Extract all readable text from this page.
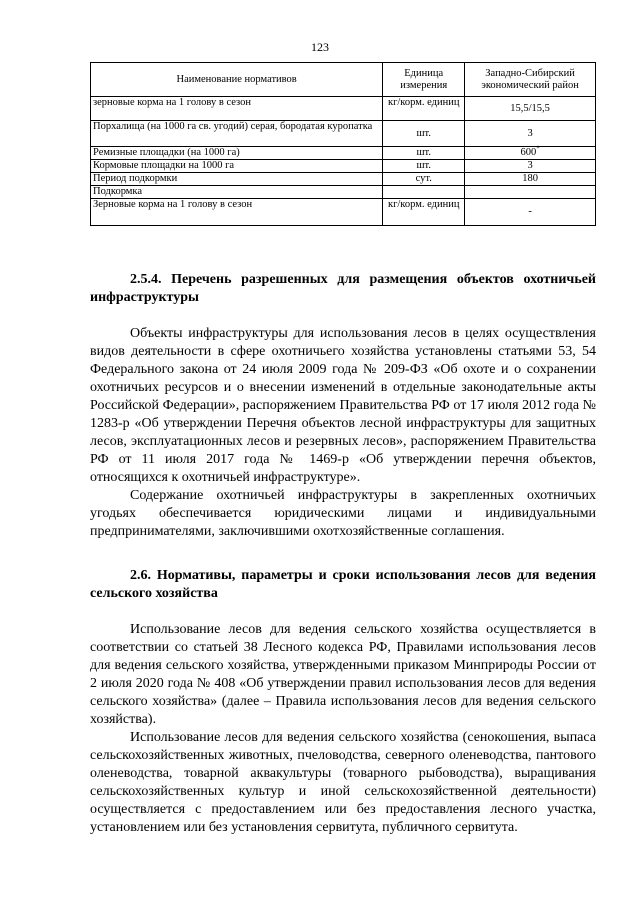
123
Наименование нормативов	Единица измерения	Западно-Сибирский экономический район
зерновые корма на 1 голову в сезон	кг/корм. единиц	15,5/15,5
Порхалища (на 1000 га св. угодий) серая, бородатая куропатка	шт.	3
Ремизные площадки (на 1000 га)	шт.	600*
Кормовые площадки на 1000 га	шт.	3
Период подкормки	сут.	180
Подкормка		
Зерновые корма на 1 голову в сезон	кг/корм. единиц	-

2.5.4. Перечень разрешенных для размещения объектов охотничьей инфраструктуры

Объекты инфраструктуры для использования лесов в целях осуществления видов деятельности в сфере охотничьего хозяйства установлены статьями 53, 54 Федерального закона от 24 июля 2009 года № 209-ФЗ «Об охоте и о сохранении охотничьих ресурсов и о внесении изменений в отдельные законодательные акты Российской Федерации», распоряжением Правительства РФ от 17 июля 2012 года № 1283-р «Об утверждении Перечня объектов лесной инфраструктуры для защитных лесов, эксплуатационных лесов и резервных лесов», распоряжением Правительства РФ от 11 июля 2017 года № 1469-р «Об утверждении перечня объектов, относящихся к охотничьей инфраструктуре».

Содержание охотничьей инфраструктуры в закрепленных охотничьих угодьях обеспечивается юридическими лицами и индивидуальными предпринимателями, заключившими охотхозяйственные соглашения.

2.6. Нормативы, параметры и сроки использования лесов для ведения сельского хозяйства

Использование лесов для ведения сельского хозяйства осуществляется в соответствии со статьей 38 Лесного кодекса РФ, Правилами использования лесов для ведения сельского хозяйства, утвержденными приказом Минприроды России от 2 июля 2020 года № 408 «Об утверждении правил использования лесов для ведения сельского хозяйства» (далее – Правила использования лесов для ведения сельского хозяйства).

Использование лесов для ведения сельского хозяйства (сенокошения, выпаса сельскохозяйственных животных, пчеловодства, северного оленеводства, пантового оленеводства, товарной аквакультуры (товарного рыбоводства), выращивания сельскохозяйственных культур и иной сельскохозяйственной деятельности) осуществляется с предоставлением или без предоставления лесного участка, установлением или без установления сервитута, публичного сервитута.
